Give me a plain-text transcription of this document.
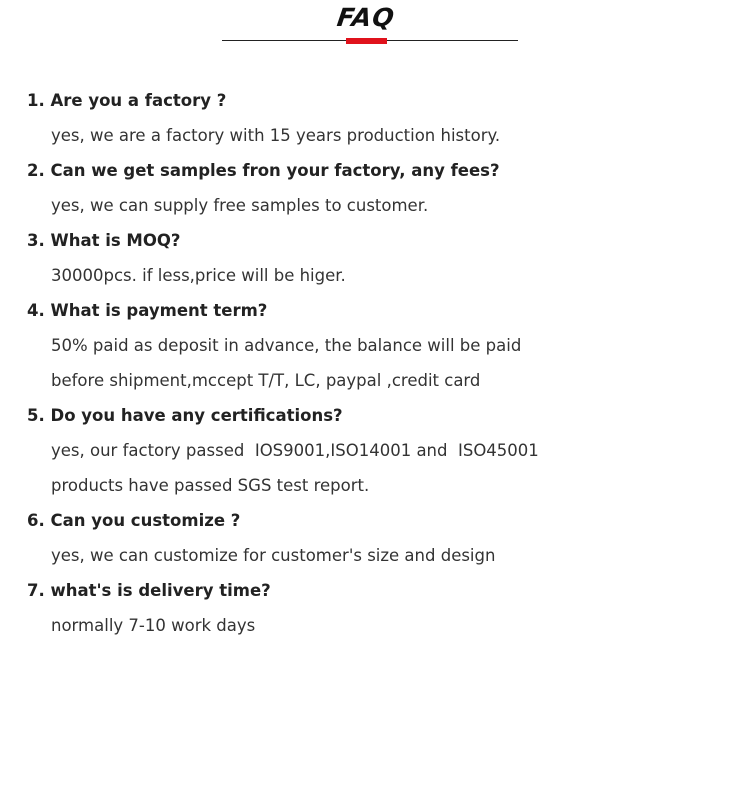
FAQ
1. Are you a factory ?
yes, we are a factory with 15 years production history.
2. Can we get samples fron your factory, any fees?
yes, we can supply free samples to customer.
3. What is MOQ?
30000pcs. if less,price will be higer.
4. What is payment term?
50% paid as deposit in advance, the balance will be paid
before shipment,mccept T/T, LC, paypal ,credit card
5. Do you have any certifications?
yes, our factory passed  IOS9001,ISO14001 and  ISO45001
products have passed SGS test report.
6. Can you customize ?
yes, we can customize for customer's size and design
7. what's is delivery time?
normally 7-10 work days
